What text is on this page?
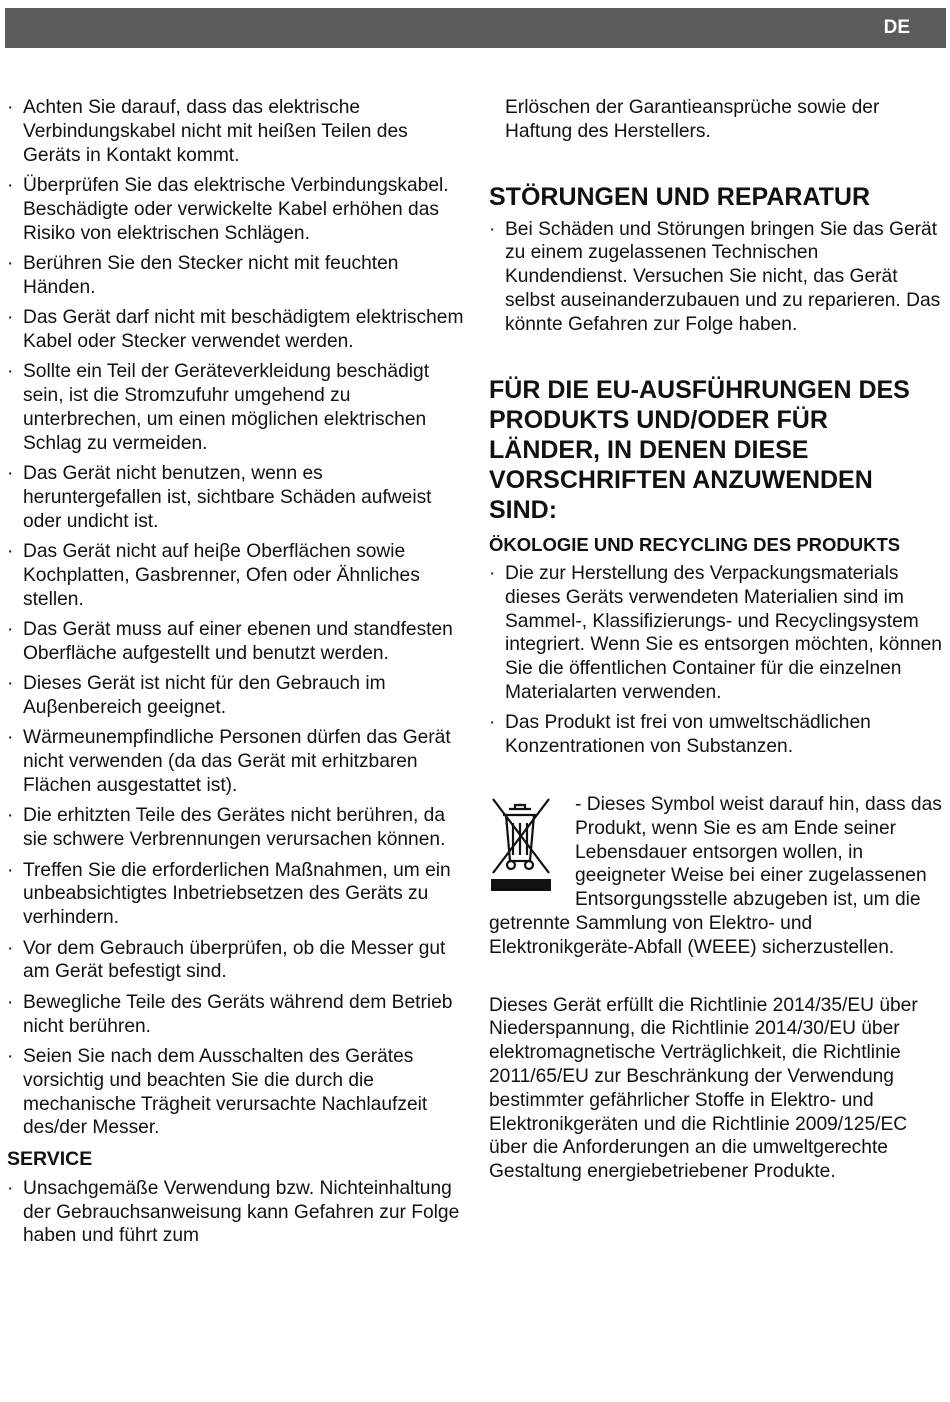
DE
· Achten Sie darauf, dass das elektrische Verbindungskabel nicht mit heißen Teilen des Geräts in Kontakt kommt.
· Überprüfen Sie das elektrische Verbindungskabel. Beschädigte oder verwickelte Kabel erhöhen das Risiko von elektrischen Schlägen.
· Berühren Sie den Stecker nicht mit feuchten Händen.
· Das Gerät darf nicht mit beschädigtem elektrischem Kabel oder Stecker verwendet werden.
· Sollte ein Teil der Geräteverkleidung beschädigt sein, ist die Stromzufuhr umgehend zu unterbrechen, um einen möglichen elektrischen Schlag zu vermeiden.
· Das Gerät nicht benutzen, wenn es heruntergefallen ist, sichtbare Schäden aufweist oder undicht ist.
· Das Gerät nicht auf heiβe Oberflächen sowie Kochplatten, Gasbrenner, Ofen oder Ähnliches stellen.
· Das Gerät muss auf einer ebenen und standfesten Oberfläche aufgestellt und benutzt werden.
· Dieses Gerät ist nicht für den Gebrauch im Auβenbereich geeignet.
· Wärmeunempfindliche Personen dürfen das Gerät nicht verwenden (da das Gerät mit erhitzbaren Flächen ausgestattet ist).
· Die erhitzten Teile des Gerätes nicht berühren, da sie schwere Verbrennungen verursachen können.
· Treffen Sie die erforderlichen Maßnahmen, um ein unbeabsichtigtes Inbetriebsetzen des Geräts zu verhindern.
· Vor dem Gebrauch überprüfen, ob die Messer gut am Gerät befestigt sind.
· Bewegliche Teile des Geräts während dem Betrieb nicht berühren.
· Seien Sie nach dem Ausschalten des Gerätes vorsichtig und beachten Sie die durch die mechanische Trägheit verursachte Nachlaufzeit des/der Messer.
SERVICE
· Unsachgemäße Verwendung bzw. Nichteinhaltung der Gebrauchsanweisung kann Gefahren zur Folge haben und führt zum

Erlöschen der Garantieansprüche sowie der Haftung des Herstellers.

STÖRUNGEN UND REPARATUR
· Bei Schäden und Störungen bringen Sie das Gerät zu einem zugelassenen Technischen Kundendienst. Versuchen Sie nicht, das Gerät selbst auseinanderzubauen und zu reparieren. Das könnte Gefahren zur Folge haben.
FÜR DIE EU-AUSFÜHRUNGEN DES PRODUKTS UND/ODER FÜR LÄNDER, IN DENEN DIESE VORSCHRIFTEN ANZUWENDEN SIND:
ÖKOLOGIE UND RECYCLING DES PRODUKTS
· Die zur Herstellung des Verpackungsmaterials dieses Geräts verwendeten Materialien sind im Sammel-, Klassifizierungs- und Recyclingsystem integriert. Wenn Sie es entsorgen möchten, können Sie die öffentlichen Container für die einzelnen Materialarten verwenden.
· Das Produkt ist frei von umweltschädlichen Konzentrationen von Substanzen.

- Dieses Symbol weist darauf hin, dass das Produkt, wenn Sie es am Ende seiner Lebensdauer entsorgen wollen, in geeigneter Weise bei einer zugelassenen Entsorgungsstelle abzugeben ist, um die getrennte Sammlung von Elektro- und Elektronikgeräte-Abfall (WEEE) sicherzustellen.

Dieses Gerät erfüllt die Richtlinie 2014/35/EU über Niederspannung, die Richtlinie 2014/30/EU über elektromagnetische Verträglichkeit, die Richtlinie 2011/65/EU zur Beschränkung der Verwendung bestimmter gefährlicher Stoffe in Elektro- und Elektronikgeräten und die Richtlinie 2009/125/EC über die Anforderungen an die umweltgerechte Gestaltung energiebetriebener Produkte.
